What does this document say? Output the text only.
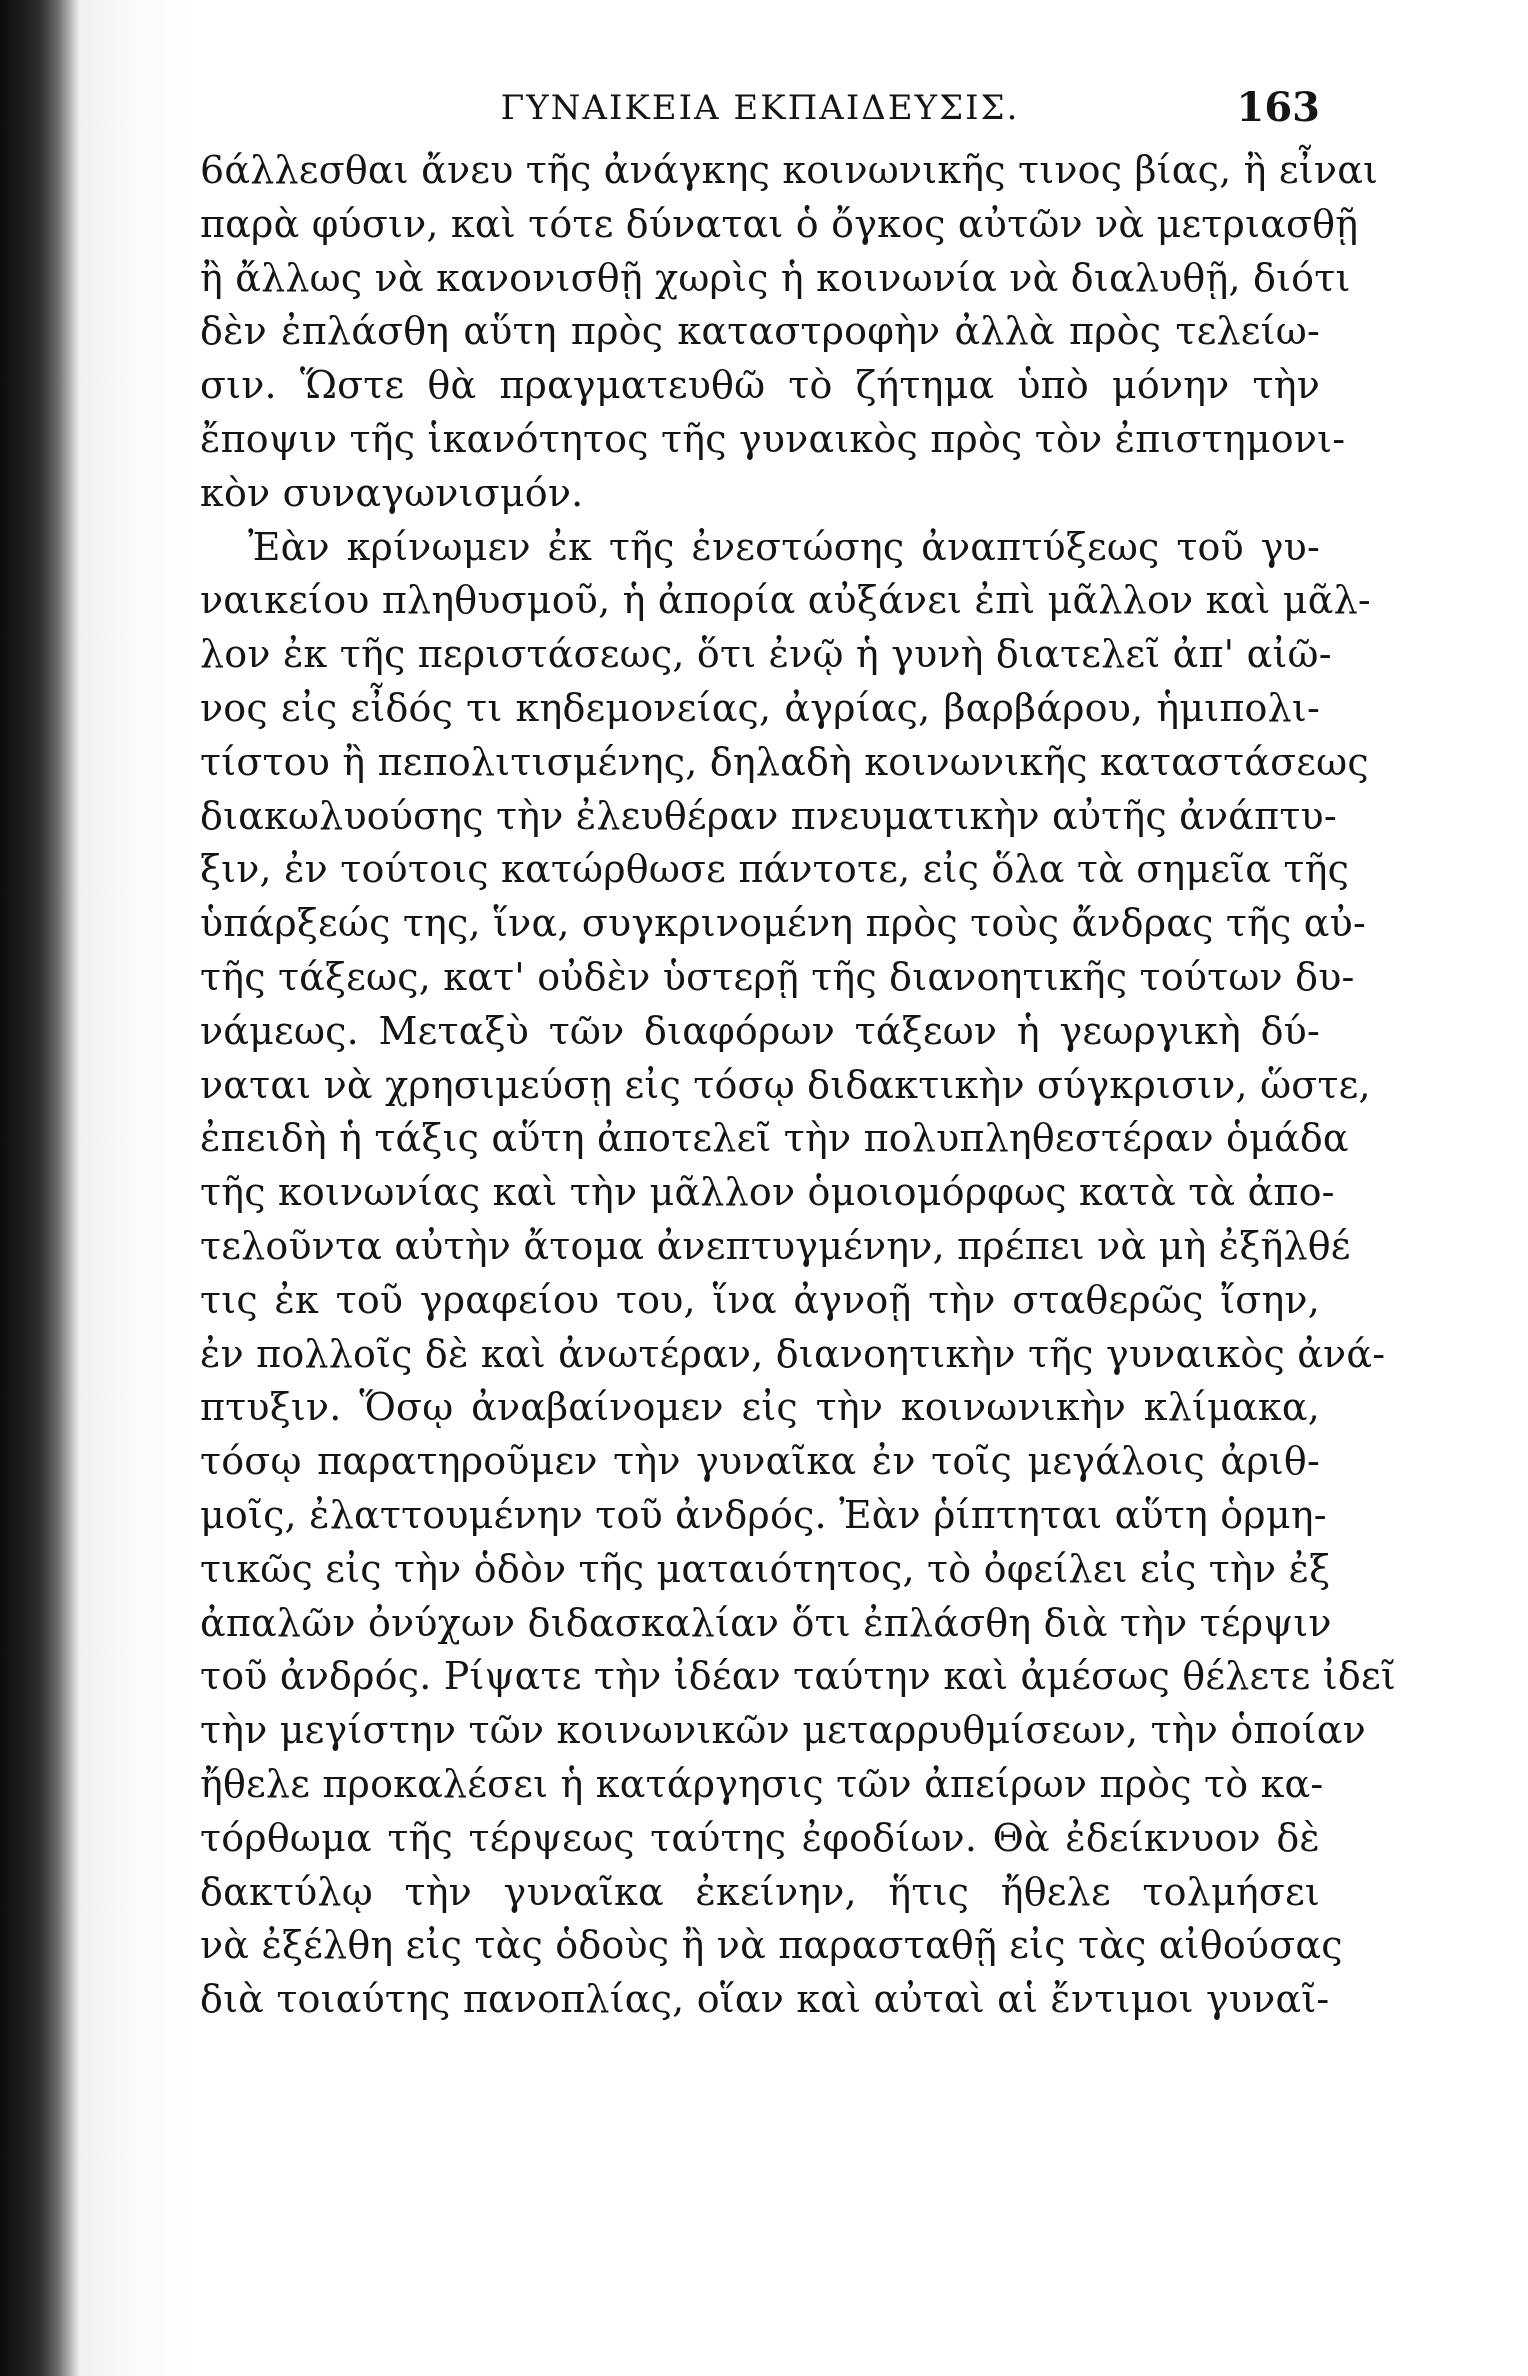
ΓΥΝΑΙΚΕΙΑ ΕΚΠΑΙΔΕΥΣΙΣ.	163
6άλλεσθαι ἄνευ τῆς ἀνάγκης κοινωνικῆς τινος βίας, ἢ εἶναι
παρὰ φύσιν, καὶ τότε δύναται ὁ ὄγκος αὐτῶν νὰ μετριασθῇ
ἢ ἄλλως νὰ κανονισθῇ χωρὶς ἡ κοινωνία νὰ διαλυθῇ, διότι
δὲν ἐπλάσθη αὕτη πρὸς καταστροφὴν ἀλλὰ πρὸς τελείω-
σιν. Ὥστε θὰ πραγματευθῶ τὸ ζήτημα ὑπὸ μόνην τὴν
ἔποψιν τῆς ἱκανότητος τῆς γυναικὸς πρὸς τὸν ἐπιστημονι-
κὸν συναγωνισμόν.
Ἐὰν κρίνωμεν ἐκ τῆς ἐνεστώσης ἀναπτύξεως τοῦ γυ-
ναικείου πληθυσμοῦ, ἡ ἀπορία αὐξάνει ἐπὶ μᾶλλον καὶ μᾶλ-
λον ἐκ τῆς περιστάσεως, ὅτι ἐνῷ ἡ γυνὴ διατελεῖ ἀπ' αἰῶ-
νος εἰς εἶδός τι κηδεμονείας, ἀγρίας, βαρβάρου, ἡμιπολι-
τίστου ἢ πεπολιτισμένης, δηλαδὴ κοινωνικῆς καταστάσεως
διακωλυούσης τὴν ἐλευθέραν πνευματικὴν αὐτῆς ἀνάπτυ-
ξιν, ἐν τούτοις κατώρθωσε πάντοτε, εἰς ὅλα τὰ σημεῖα τῆς
ὑπάρξεώς της, ἵνα, συγκρινομένη πρὸς τοὺς ἄνδρας τῆς αὐ-
τῆς τάξεως, κατ' οὐδὲν ὑστερῇ τῆς διανοητικῆς τούτων δυ-
νάμεως. Μεταξὺ τῶν διαφόρων τάξεων ἡ γεωργικὴ δύ-
ναται νὰ χρησιμεύσῃ εἰς τόσῳ διδακτικὴν σύγκρισιν, ὥστε,
ἐπειδὴ ἡ τάξις αὕτη ἀποτελεῖ τὴν πολυπληθεστέραν ὁμάδα
τῆς κοινωνίας καὶ τὴν μᾶλλον ὁμοιομόρφως κατὰ τὰ ἀπο-
τελοῦντα αὐτὴν ἄτομα ἀνεπτυγμένην, πρέπει νὰ μὴ ἐξῆλθέ
τις ἐκ τοῦ γραφείου του, ἵνα ἀγνοῇ τὴν σταθερῶς ἴσην,
ἐν πολλοῖς δὲ καὶ ἀνωτέραν, διανοητικὴν τῆς γυναικὸς ἀνά-
πτυξιν. Ὅσῳ ἀναβαίνομεν εἰς τὴν κοινωνικὴν κλίμακα,
τόσῳ παρατηροῦμεν τὴν γυναῖκα ἐν τοῖς μεγάλοις ἀριθ-
μοῖς, ἐλαττουμένην τοῦ ἀνδρός. Ἐὰν ῥίπτηται αὕτη ὁρμη-
τικῶς εἰς τὴν ὁδὸν τῆς ματαιότητος, τὸ ὀφείλει εἰς τὴν ἐξ
ἀπαλῶν ὀνύχων διδασκαλίαν ὅτι ἐπλάσθη διὰ τὴν τέρψιν
τοῦ ἀνδρός. Ρίψατε τὴν ἰδέαν ταύτην καὶ ἀμέσως θέλετε ἰδεῖ
τὴν μεγίστην τῶν κοινωνικῶν μεταρρυθμίσεων, τὴν ὁποίαν
ἤθελε προκαλέσει ἡ κατάργησις τῶν ἀπείρων πρὸς τὸ κα-
τόρθωμα τῆς τέρψεως ταύτης ἐφοδίων. Θὰ ἐδείκνυον δὲ
δακτύλῳ τὴν γυναῖκα ἐκείνην, ἥτις ἤθελε τολμήσει
νὰ ἐξέλθη εἰς τὰς ὁδοὺς ἢ νὰ παρασταθῇ εἰς τὰς αἰθούσας
διὰ τοιαύτης πανοπλίας, οἵαν καὶ αὐταὶ αἱ ἔντιμοι γυναῖ-
